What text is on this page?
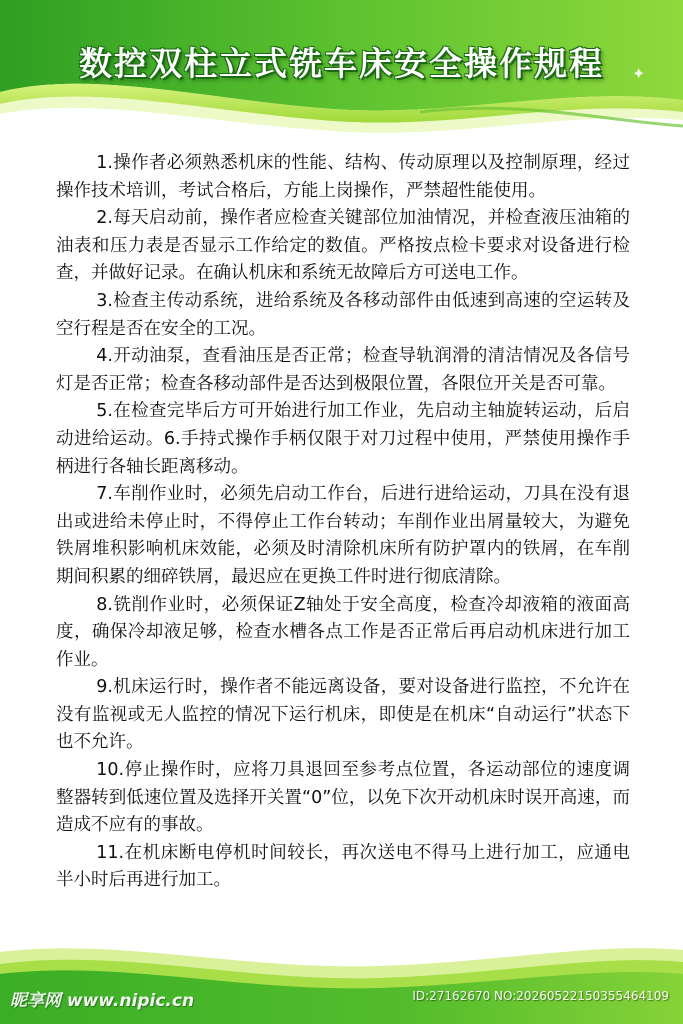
数控双柱立式铣车床安全操作规程	✦

1.操作者必须熟悉机床的性能、结构、传动原理以及控制原理，经过操作技术培训，考试合格后，方能上岗操作，严禁超性能使用。

2.每天启动前，操作者应检查关键部位加油情况，并检查液压油箱的油表和压力表是否显示工作给定的数值。严格按点检卡要求对设备进行检查，并做好记录。在确认机床和系统无故障后方可送电工作。

3.检查主传动系统，进给系统及各移动部件由低速到高速的空运转及空行程是否在安全的工况。

4.开动油泵，查看油压是否正常；检查导轨润滑的清洁情况及各信号灯是否正常；检查各移动部件是否达到极限位置，各限位开关是否可靠。

5.在检查完毕后方可开始进行加工作业，先启动主轴旋转运动，后启动进给运动。6.手持式操作手柄仅限于对刀过程中使用，严禁使用操作手柄进行各轴长距离移动。

7.车削作业时，必须先启动工作台，后进行进给运动，刀具在没有退出或进给未停止时，不得停止工作台转动；车削作业出屑量较大，为避免铁屑堆积影响机床效能，必须及时清除机床所有防护罩内的铁屑，在车削期间积累的细碎铁屑，最迟应在更换工件时进行彻底清除。

8.铣削作业时，必须保证Z轴处于安全高度，检查冷却液箱的液面高度，确保冷却液足够，检查水槽各点工作是否正常后再启动机床进行加工作业。

9.机床运行时，操作者不能远离设备，要对设备进行监控，不允许在没有监视或无人监控的情况下运行机床，即使是在机床“自动运行”状态下也不允许。

10.停止操作时，应将刀具退回至参考点位置，各运动部位的速度调整器转到低速位置及选择开关置“0”位，以免下次开动机床时误开高速，而造成不应有的事故。

11.在机床断电停机时间较长，再次送电不得马上进行加工，应通电半小时后再进行加工。

昵享网 www.nipic.cn	ID:27162670 NO:20260522150355464109
